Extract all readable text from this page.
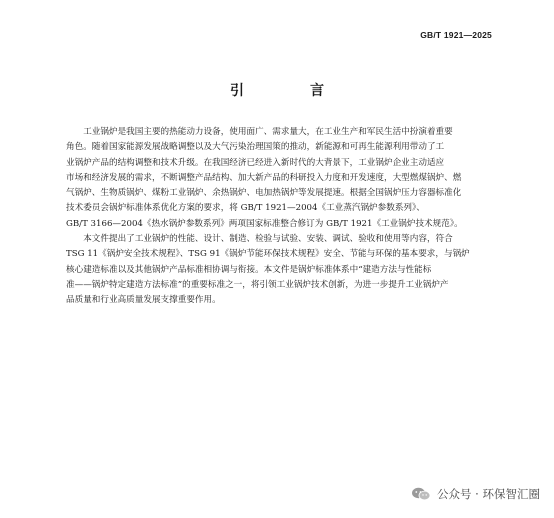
GB/T 1921—2025
引　言
　　工业锅炉是我国主要的热能动力设备，使用面广、需求量大，在工业生产和军民生活中扮演着重要
角色。随着国家能源发展战略调整以及大气污染治理国策的推动，新能源和可再生能源利用带动了工
业锅炉产品的结构调整和技术升级。在我国经济已经进入新时代的大背景下，工业锅炉企业主动适应
市场和经济发展的需求，不断调整产品结构、加大新产品的科研投入力度和开发速度，大型燃煤锅炉、燃
气锅炉、生物质锅炉、煤粉工业锅炉、余热锅炉、电加热锅炉等发展提速。根据全国锅炉压力容器标准化
技术委员会锅炉标准体系优化方案的要求，将 GB/T 1921—2004《工业蒸汽锅炉参数系列》、
GB/T 3166—2004《热水锅炉参数系列》两项国家标准整合修订为 GB/T 1921《工业锅炉技术规范》。
　　本文件提出了工业锅炉的性能、设计、制造、检验与试验、安装、调试、验收和使用等内容，符合
TSG 11《锅炉安全技术规程》、TSG 91《锅炉节能环保技术规程》安全、节能与环保的基本要求，与锅炉
核心建造标准以及其他锅炉产品标准相协调与衔接。本文件是锅炉标准体系中“建造方法与性能标
准——锅炉特定建造方法标准”的重要标准之一，将引领工业锅炉技术创新，为进一步提升工业锅炉产
品质量和行业高质量发展支撑重要作用。
公众号 · 环保智汇圈
